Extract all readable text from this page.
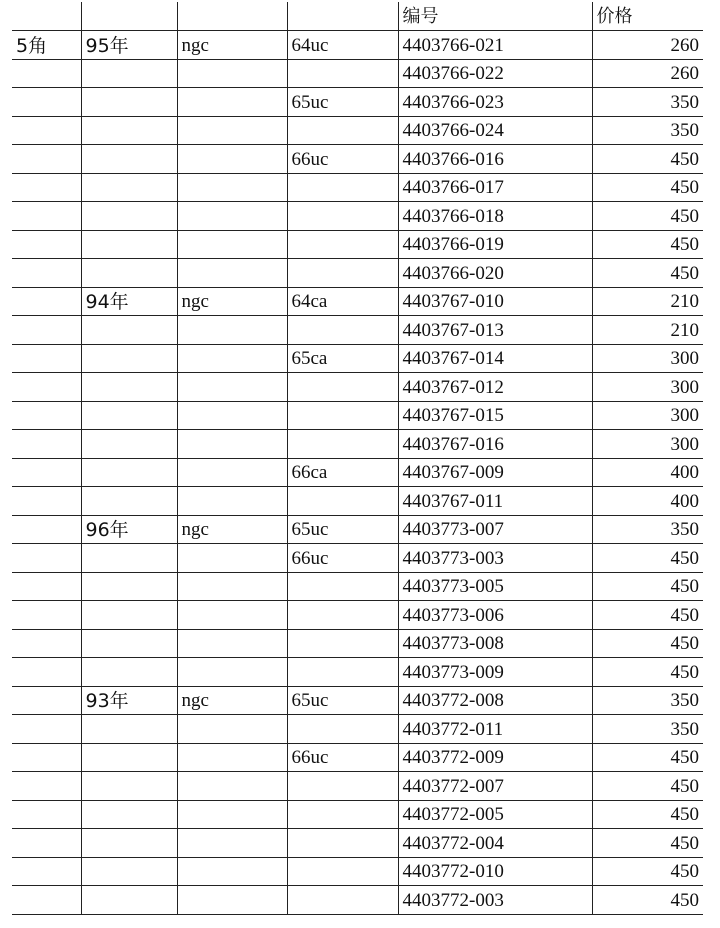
				编号	价格
5角	95年	ngc	64uc	4403766-021	260
				4403766-022	260
			65uc	4403766-023	350
				4403766-024	350
			66uc	4403766-016	450
				4403766-017	450
				4403766-018	450
				4403766-019	450
				4403766-020	450
	94年	ngc	64ca	4403767-010	210
				4403767-013	210
			65ca	4403767-014	300
				4403767-012	300
				4403767-015	300
				4403767-016	300
			66ca	4403767-009	400
				4403767-011	400
	96年	ngc	65uc	4403773-007	350
			66uc	4403773-003	450
				4403773-005	450
				4403773-006	450
				4403773-008	450
				4403773-009	450
	93年	ngc	65uc	4403772-008	350
				4403772-011	350
			66uc	4403772-009	450
				4403772-007	450
				4403772-005	450
				4403772-004	450
				4403772-010	450
				4403772-003	450
